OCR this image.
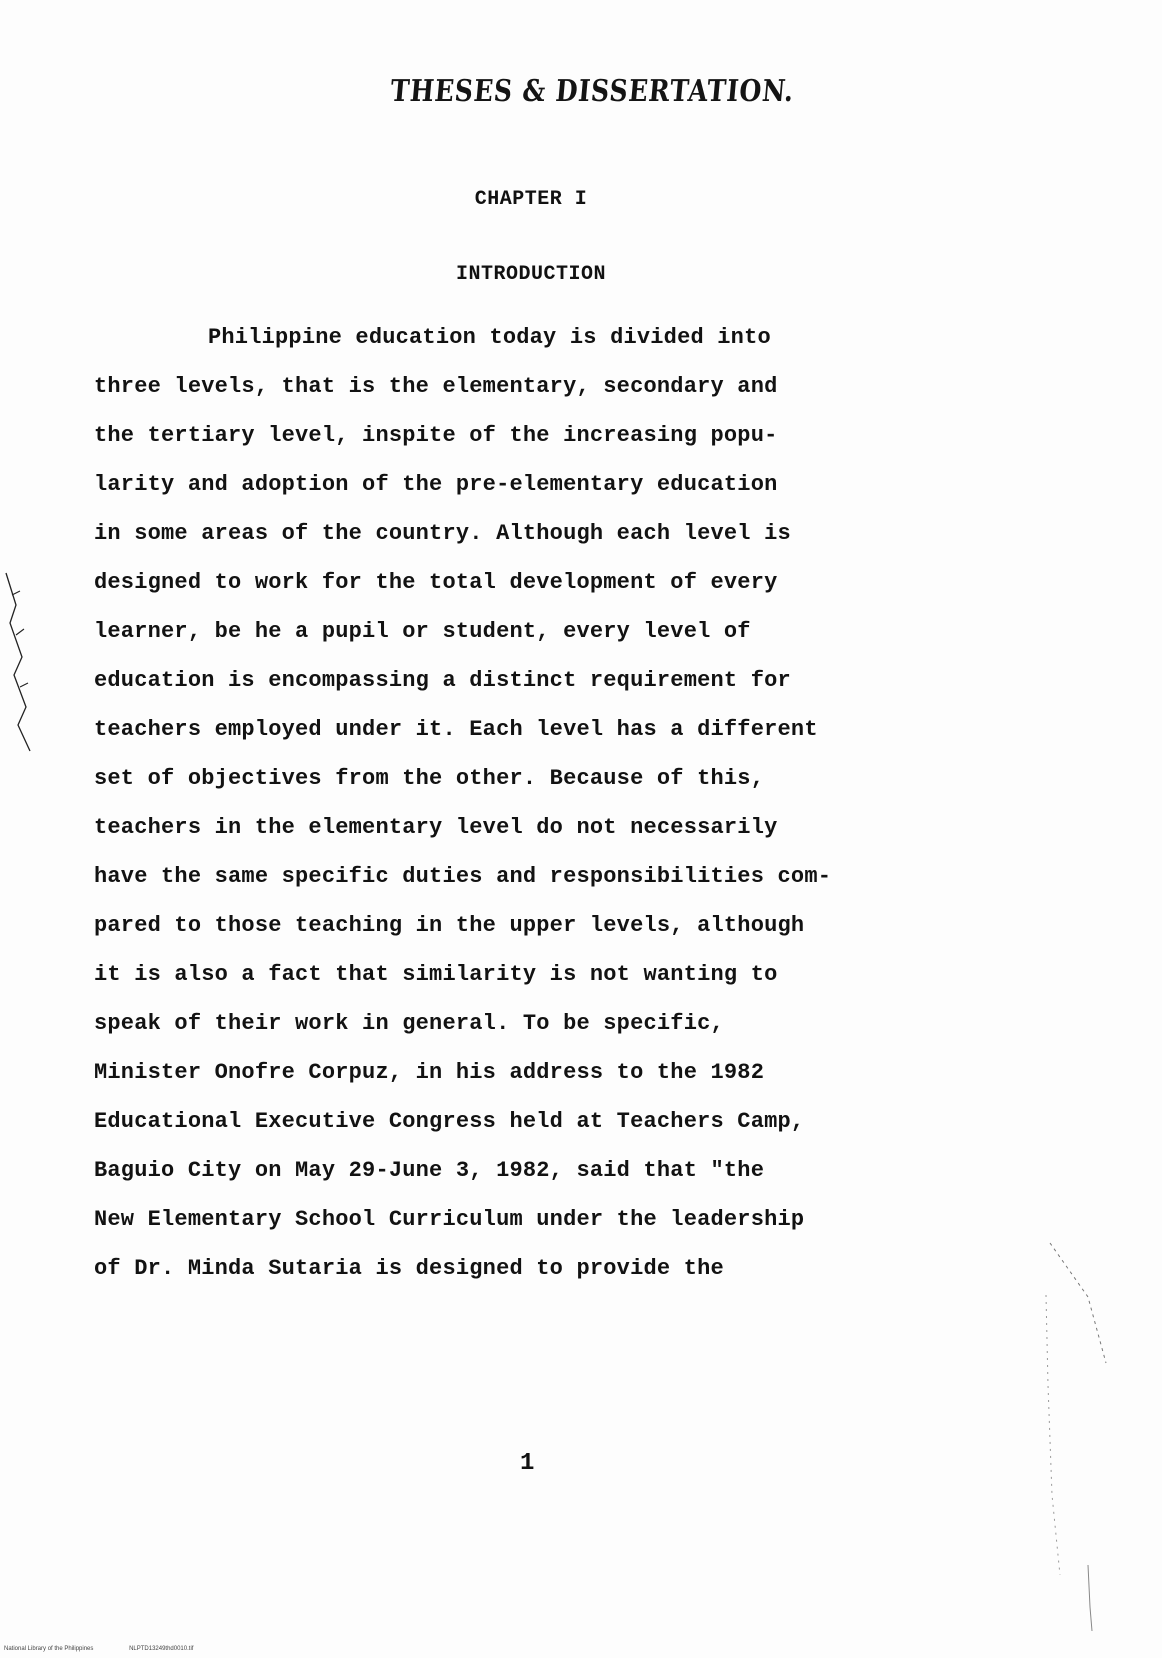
THESES & DISSERTATION.
CHAPTER I
INTRODUCTION
Philippine education today is divided into
three levels, that is the elementary, secondary and
the tertiary level, inspite of the increasing popu-
larity and adoption of the pre-elementary education
in some areas of the country. Although each level is
designed to work for the total development of every
learner, be he a pupil or student, every level of
education is encompassing a distinct requirement for
teachers employed under it. Each level has a different
set of objectives from the other. Because of this,
teachers in the elementary level do not necessarily
have the same specific duties and responsibilities com-
pared to those teaching in the upper levels, although
it is also a fact that similarity is not wanting to
speak of their work in general. To be specific,
Minister Onofre Corpuz, in his address to the 1982
Educational Executive Congress held at Teachers Camp,
Baguio City on May 29-June 3, 1982, said that "the
New Elementary School Curriculum under the leadership
of Dr. Minda Sutaria is designed to provide the
1
National Library of the Philippines	NLPTD13249thd0010.tif
